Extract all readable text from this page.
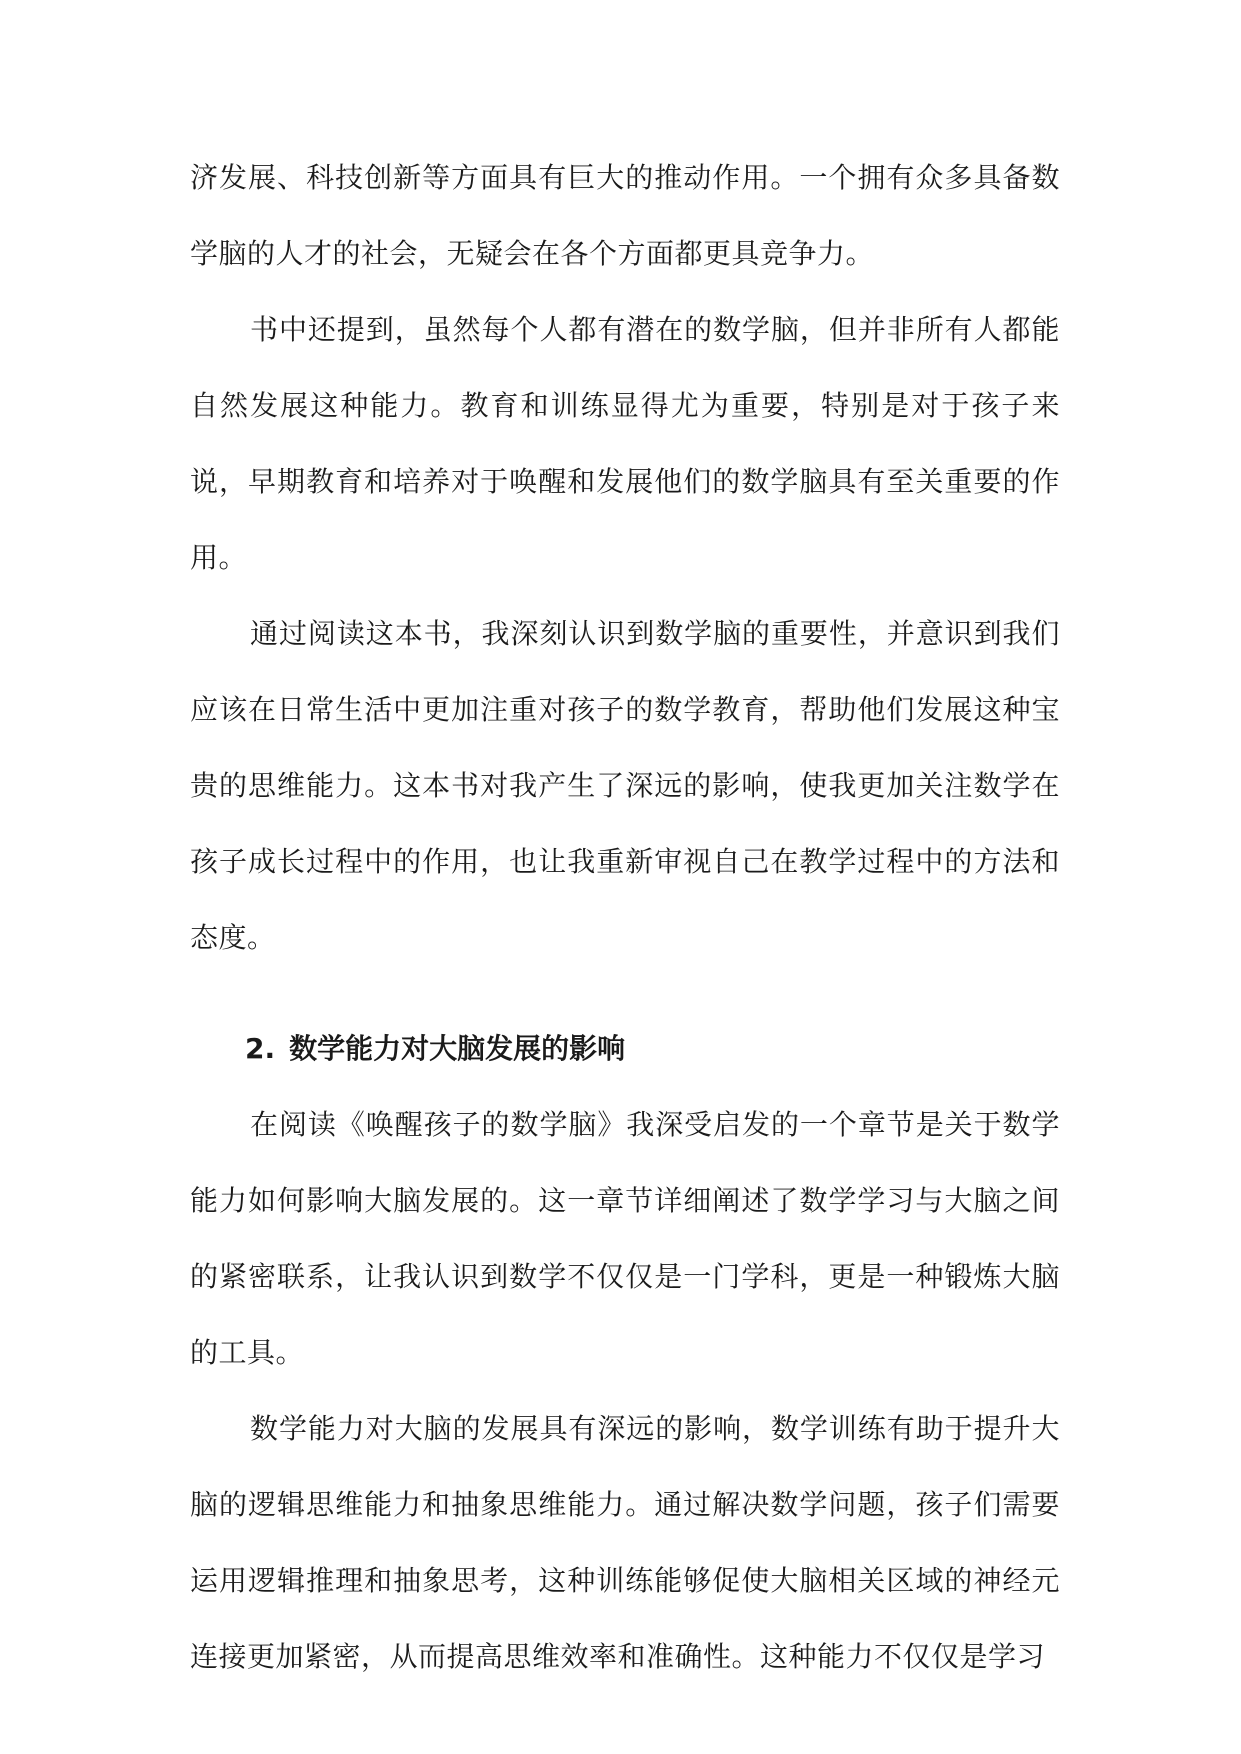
济发展、科技创新等方面具有巨大的推动作用。一个拥有众多具备数学脑的人才的社会，无疑会在各个方面都更具竞争力。

书中还提到，虽然每个人都有潜在的数学脑，但并非所有人都能自然发展这种能力。教育和训练显得尤为重要，特别是对于孩子来说，早期教育和培养对于唤醒和发展他们的数学脑具有至关重要的作用。

通过阅读这本书，我深刻认识到数学脑的重要性，并意识到我们应该在日常生活中更加注重对孩子的数学教育，帮助他们发展这种宝贵的思维能力。这本书对我产生了深远的影响，使我更加关注数学在孩子成长过程中的作用，也让我重新审视自己在教学过程中的方法和态度。

2. 数学能力对大脑发展的影响

在阅读《唤醒孩子的数学脑》我深受启发的一个章节是关于数学能力如何影响大脑发展的。这一章节详细阐述了数学学习与大脑之间的紧密联系，让我认识到数学不仅仅是一门学科，更是一种锻炼大脑的工具。

数学能力对大脑的发展具有深远的影响，数学训练有助于提升大脑的逻辑思维能力和抽象思维能力。通过解决数学问题，孩子们需要运用逻辑推理和抽象思考，这种训练能够促使大脑相关区域的神经元连接更加紧密，从而提高思维效率和准确性。这种能力不仅仅是学习
